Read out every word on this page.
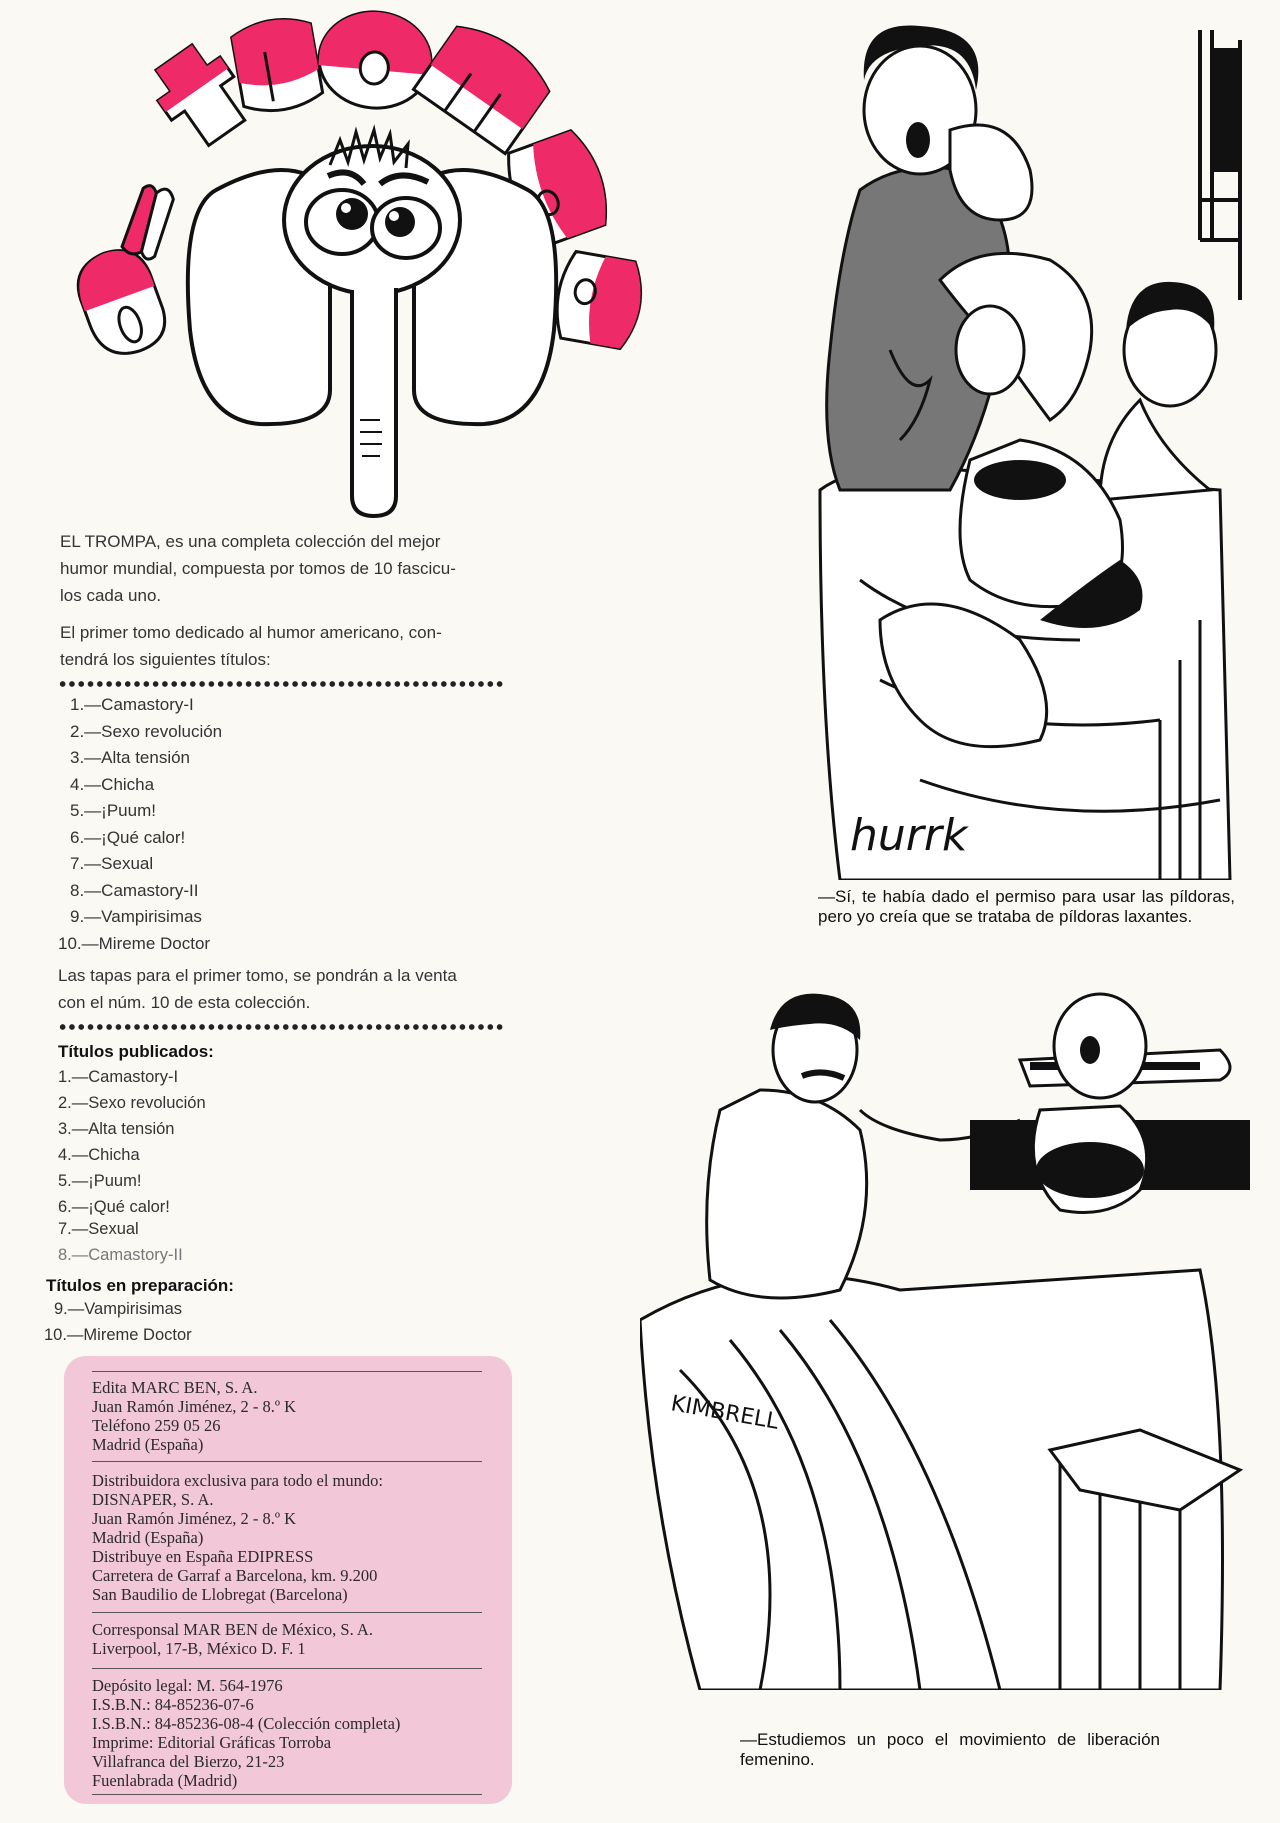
EL TROMPA, es una completa colección del mejor
humor mundial, compuesta por tomos de 10 fascicu-
los cada uno.
El primer tomo dedicado al humor americano, con-
tendrá los siguientes títulos:
1.—Camastory-I
2.—Sexo revolución
3.—Alta tensión
4.—Chicha
5.—¡Puum!
6.—¡Qué calor!
7.—Sexual
8.—Camastory-II
9.—Vampirisimas
10.—Mireme Doctor
Las tapas para el primer tomo, se pondrán a la venta
con el núm. 10 de esta colección.
Títulos publicados:
1.—Camastory-I
2.—Sexo revolución
3.—Alta tensión
4.—Chicha
5.—¡Puum!
6.—¡Qué calor!
7.—Sexual
8.—Camastory-II
Títulos en preparación:
9.—Vampirisimas
10.—Mireme Doctor
Edita MARC BEN, S. A.
Juan Ramón Jiménez, 2 - 8.º K
Teléfono 259 05 26
Madrid (España)
Distribuidora exclusiva para todo el mundo:
DISNAPER, S. A.
Juan Ramón Jiménez, 2 - 8.º K
Madrid (España)
Distribuye en España EDIPRESS
Carretera de Garraf a Barcelona, km. 9.200
San Baudilio de Llobregat (Barcelona)
Corresponsal MAR BEN de México, S. A.
Liverpool, 17-B, México D. F. 1
Depósito legal: M. 564-1976
I.S.B.N.: 84-85236-07-6
I.S.B.N.: 84-85236-08-4 (Colección completa)
Imprime: Editorial Gráficas Torroba
Villafranca del Bierzo, 21-23
Fuenlabrada (Madrid)
hurrk

—Sí, te había dado el permiso para usar las píldoras, pero yo creía que se trataba de píldoras laxantes.

KIMBRELL

—Estudiemos un poco el movimiento de liberación femenino.
